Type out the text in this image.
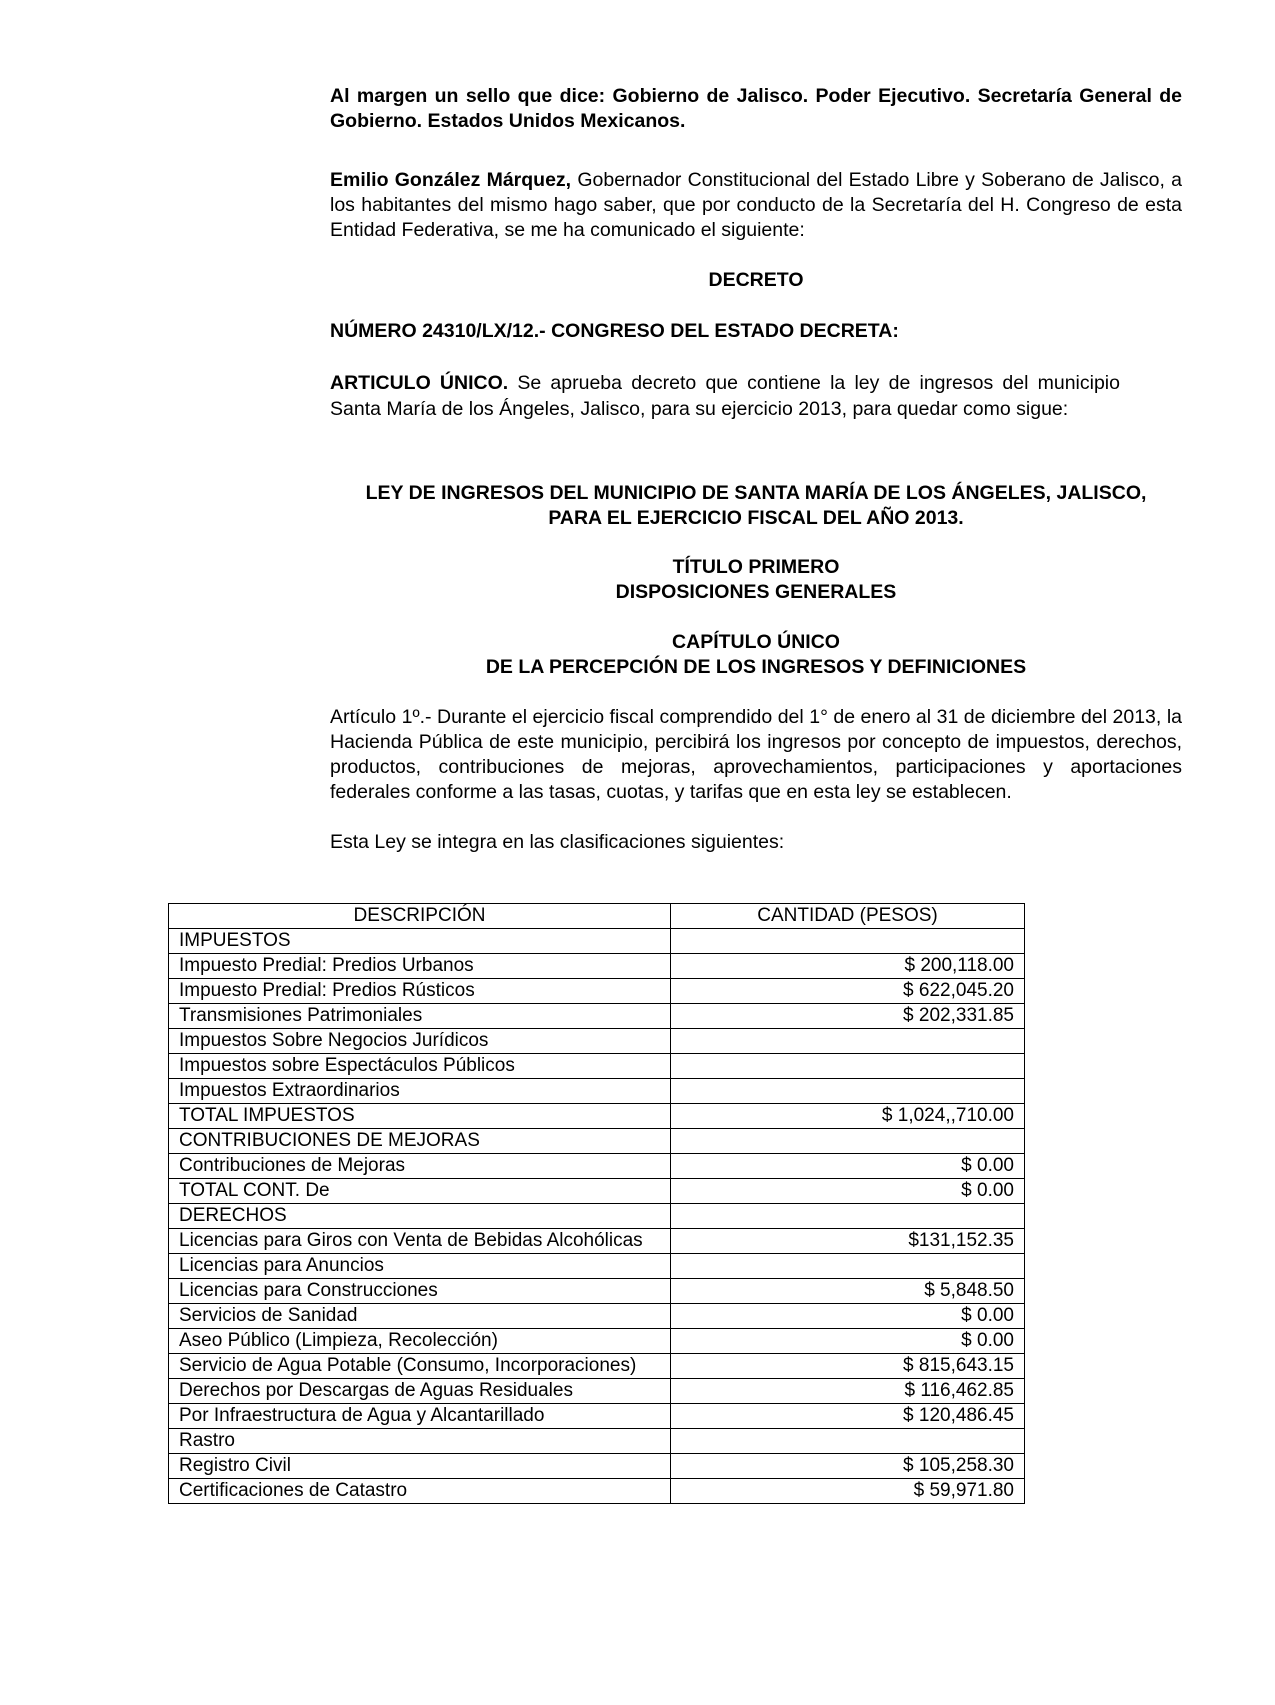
Al margen un sello que dice: Gobierno de Jalisco. Poder Ejecutivo. Secretaría General de Gobierno. Estados Unidos Mexicanos.

Emilio González Márquez, Gobernador Constitucional del Estado Libre y Soberano de Jalisco, a los habitantes del mismo hago saber, que por conducto de la Secretaría del H. Congreso de esta Entidad Federativa, se me ha comunicado el siguiente:

DECRETO

NÚMERO 24310/LX/12.- CONGRESO DEL ESTADO DECRETA:

ARTICULO ÚNICO. Se aprueba decreto que contiene la ley de ingresos del municipio Santa María de los Ángeles, Jalisco, para su ejercicio 2013, para quedar como sigue:

LEY DE INGRESOS DEL MUNICIPIO DE SANTA MARÍA DE LOS ÁNGELES, JALISCO,
PARA EL EJERCICIO FISCAL DEL AÑO 2013.
TÍTULO PRIMERO
DISPOSICIONES GENERALES
CAPÍTULO ÚNICO
DE LA PERCEPCIÓN DE LOS INGRESOS Y DEFINICIONES

Artículo 1º.- Durante el ejercicio fiscal comprendido del 1° de enero al 31 de diciembre del 2013, la Hacienda Pública de este municipio, percibirá los ingresos por concepto de impuestos, derechos, productos, contribuciones de mejoras, aprovechamientos, participaciones y aportaciones federales conforme a las tasas, cuotas, y tarifas que en esta ley se establecen.

Esta Ley se integra en las clasificaciones siguientes:

DESCRIPCIÓN	CANTIDAD (PESOS)
IMPUESTOS	
Impuesto Predial: Predios Urbanos	$ 200,118.00
Impuesto Predial: Predios Rústicos	$ 622,045.20
Transmisiones Patrimoniales	$ 202,331.85
Impuestos Sobre Negocios Jurídicos	
Impuestos sobre Espectáculos Públicos	
Impuestos Extraordinarios	
TOTAL IMPUESTOS	$ 1,024,,710.00
CONTRIBUCIONES DE MEJORAS	
Contribuciones de Mejoras	$ 0.00
TOTAL CONT. De	$ 0.00
DERECHOS	
Licencias para Giros con Venta de Bebidas Alcohólicas	$131,152.35
Licencias para Anuncios	
Licencias para Construcciones	$ 5,848.50
Servicios de Sanidad	$ 0.00
Aseo Público (Limpieza, Recolección)	$ 0.00
Servicio de Agua Potable (Consumo, Incorporaciones)	$ 815,643.15
Derechos por Descargas de Aguas Residuales	$ 116,462.85
Por Infraestructura de Agua y Alcantarillado	$ 120,486.45
Rastro	
Registro Civil	$ 105,258.30
Certificaciones de Catastro	$ 59,971.80
